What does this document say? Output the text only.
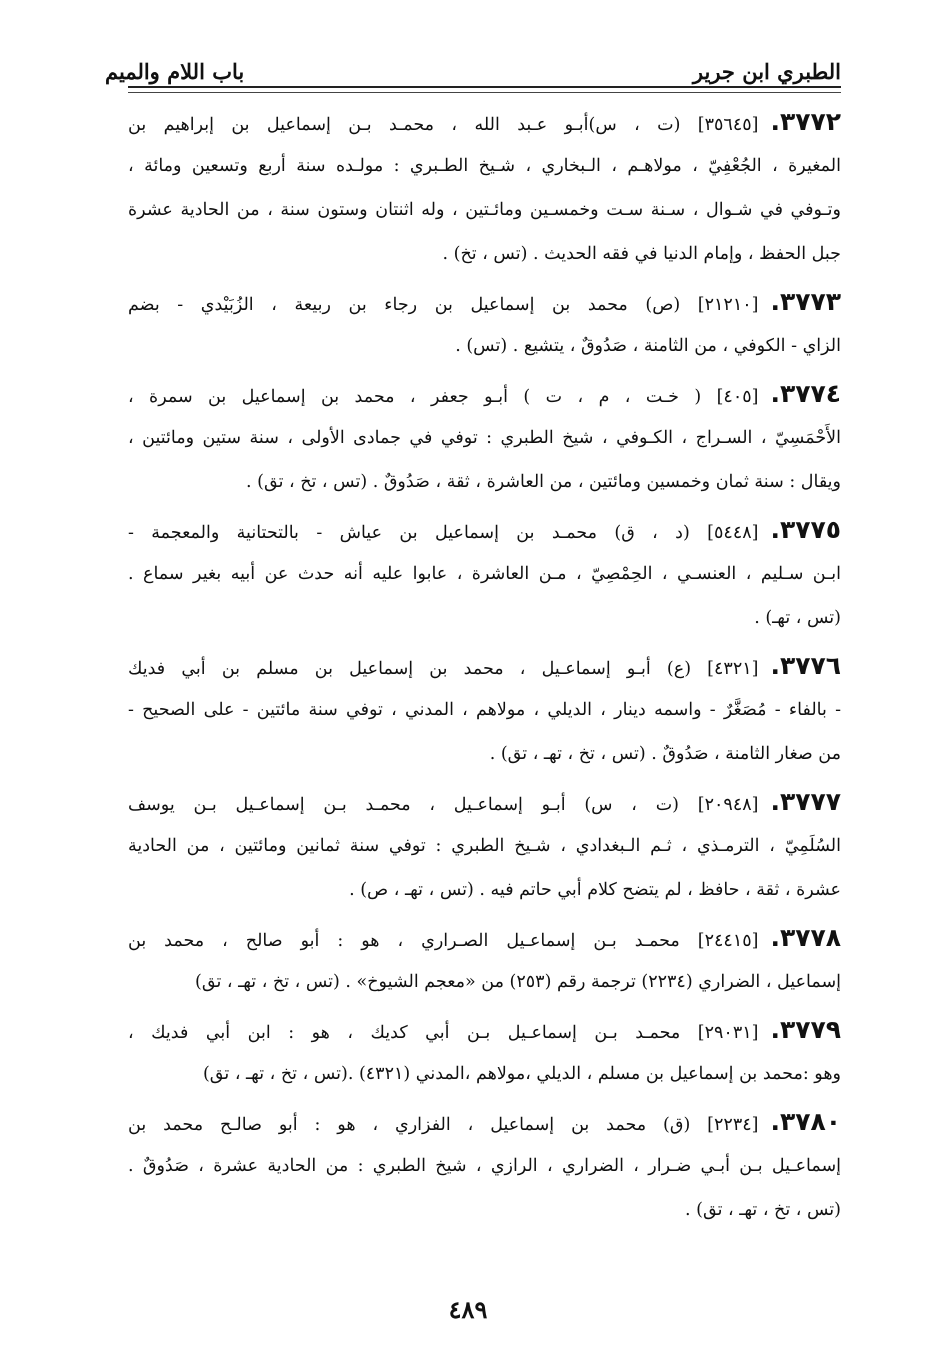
الطبري ابن جرير
باب اللام والميم
٣٧٧٢.[٣٥٦٤٥] (ت ، س)أبـو عـبد الله ، محمـد بـن إسماعيل بن إبراهيم بن
المغيرة ، الجُعْفِيّ ، مولاهـم ، الـبخاري ، شـيخ الطـبري : مولـده سنة أربع وتسعين ومائة ،
وتـوفي في شـوال ، سـنة سـت وخمسـين ومائـتين ، وله اثنتان وستون سنة ، من الحادية عشرة
جبل الحفظ ، وإمام الدنيا في فقه الحديث . (تس ، تخ) .
٣٧٧٣.[٢١٢١٠] (ص) محمد بن إسماعيل بن رجاء بن ربيعة ، الزُبَيْدي - بضم
الزاي - الكوفي ، من الثامنة ، صَدُوقٌ ، يتشيع . (تس) .
٣٧٧٤.[٤٠٥] ( خـت ، م ، ت ) أبـو جعفر ، محمد بن إسماعيل بن سمرة ،
الأَحْمَسِيّ ، السـراج ، الكـوفي ، شيخ الطبري : توفي في جمادى الأولى ، سنة ستين ومائتين ،
ويقال : سنة ثمان وخمسين ومائتين ، من العاشرة ، ثقة ، صَدُوقٌ . (تس ، تخ ، تق) .
٣٧٧٥.[٥٤٤٨] (د ، ق) محمـد بن إسماعيل بن عياش - بالتحتانية والمعجمة -
ابـن سـليم ، العنسـي ، الحِمْصِيّ ، مـن العاشرة ، عابوا عليه أنه حدث عن أبيه بغير سماع .
(تس ، تهـ) .
٣٧٧٦.[٤٣٢١] (ع) أبـو إسماعـيل ، محمد بن إسماعيل بن مسلم بن أبي فديك
- بالفاء - مُصَغَّرٌ - واسمه دينار ، الديلي ، مولاهم ، المدني ، توفي سنة مائتين - على الصحيح -
من صغار الثامنة ، صَدُوقٌ . (تس ، تخ ، تهـ ، تق) .
٣٧٧٧.[٢٠٩٤٨] (ت ، س) أبـو إسماعـيل ، محمـد بـن إسماعـيل بـن يوسف
السُلَمِيّ ، الترمـذي ، ثـم الـبغدادي ، شـيخ الطبري : توفي سنة ثمانين ومائتين ، من الحادية
عشرة ، ثقة ، حافظ ، لم يتضح كلام أبي حاتم فيه . (تس ، تهـ ، ص) .
٣٧٧٨.[٢٤٤١٥] محمـد بـن إسماعـيل الصـراري ، هو : أبو صالح ، محمد بن
إسماعيل ، الضراري (٢٢٣٤) ترجمة رقم (٢٥٣) من «معجم الشيوخ» . (تس ، تخ ، تهـ ، تق)
٣٧٧٩.[٢٩٠٣١] محمـد بـن إسماعـيل بـن أبي كديك ، هو : ابن أبي فديك ،
وهو :محمد بن إسماعيل بن مسلم ، الديلي ،مولاهم ،المدني (٤٣٢١) .(تس ، تخ ، تهـ ، تق)
٣٧٨٠.[٢٢٣٤] (ق) محمد بن إسماعيل ، الفزاري ، هو : أبو صالـح محمد بن
إسماعـيل بـن أبـي ضـرار ، الضراري ، الرازي ، شيخ الطبري : من الحادية عشرة ، صَدُوقٌ .
(تس ، تخ ، تهـ ، تق) .
٤٨٩
